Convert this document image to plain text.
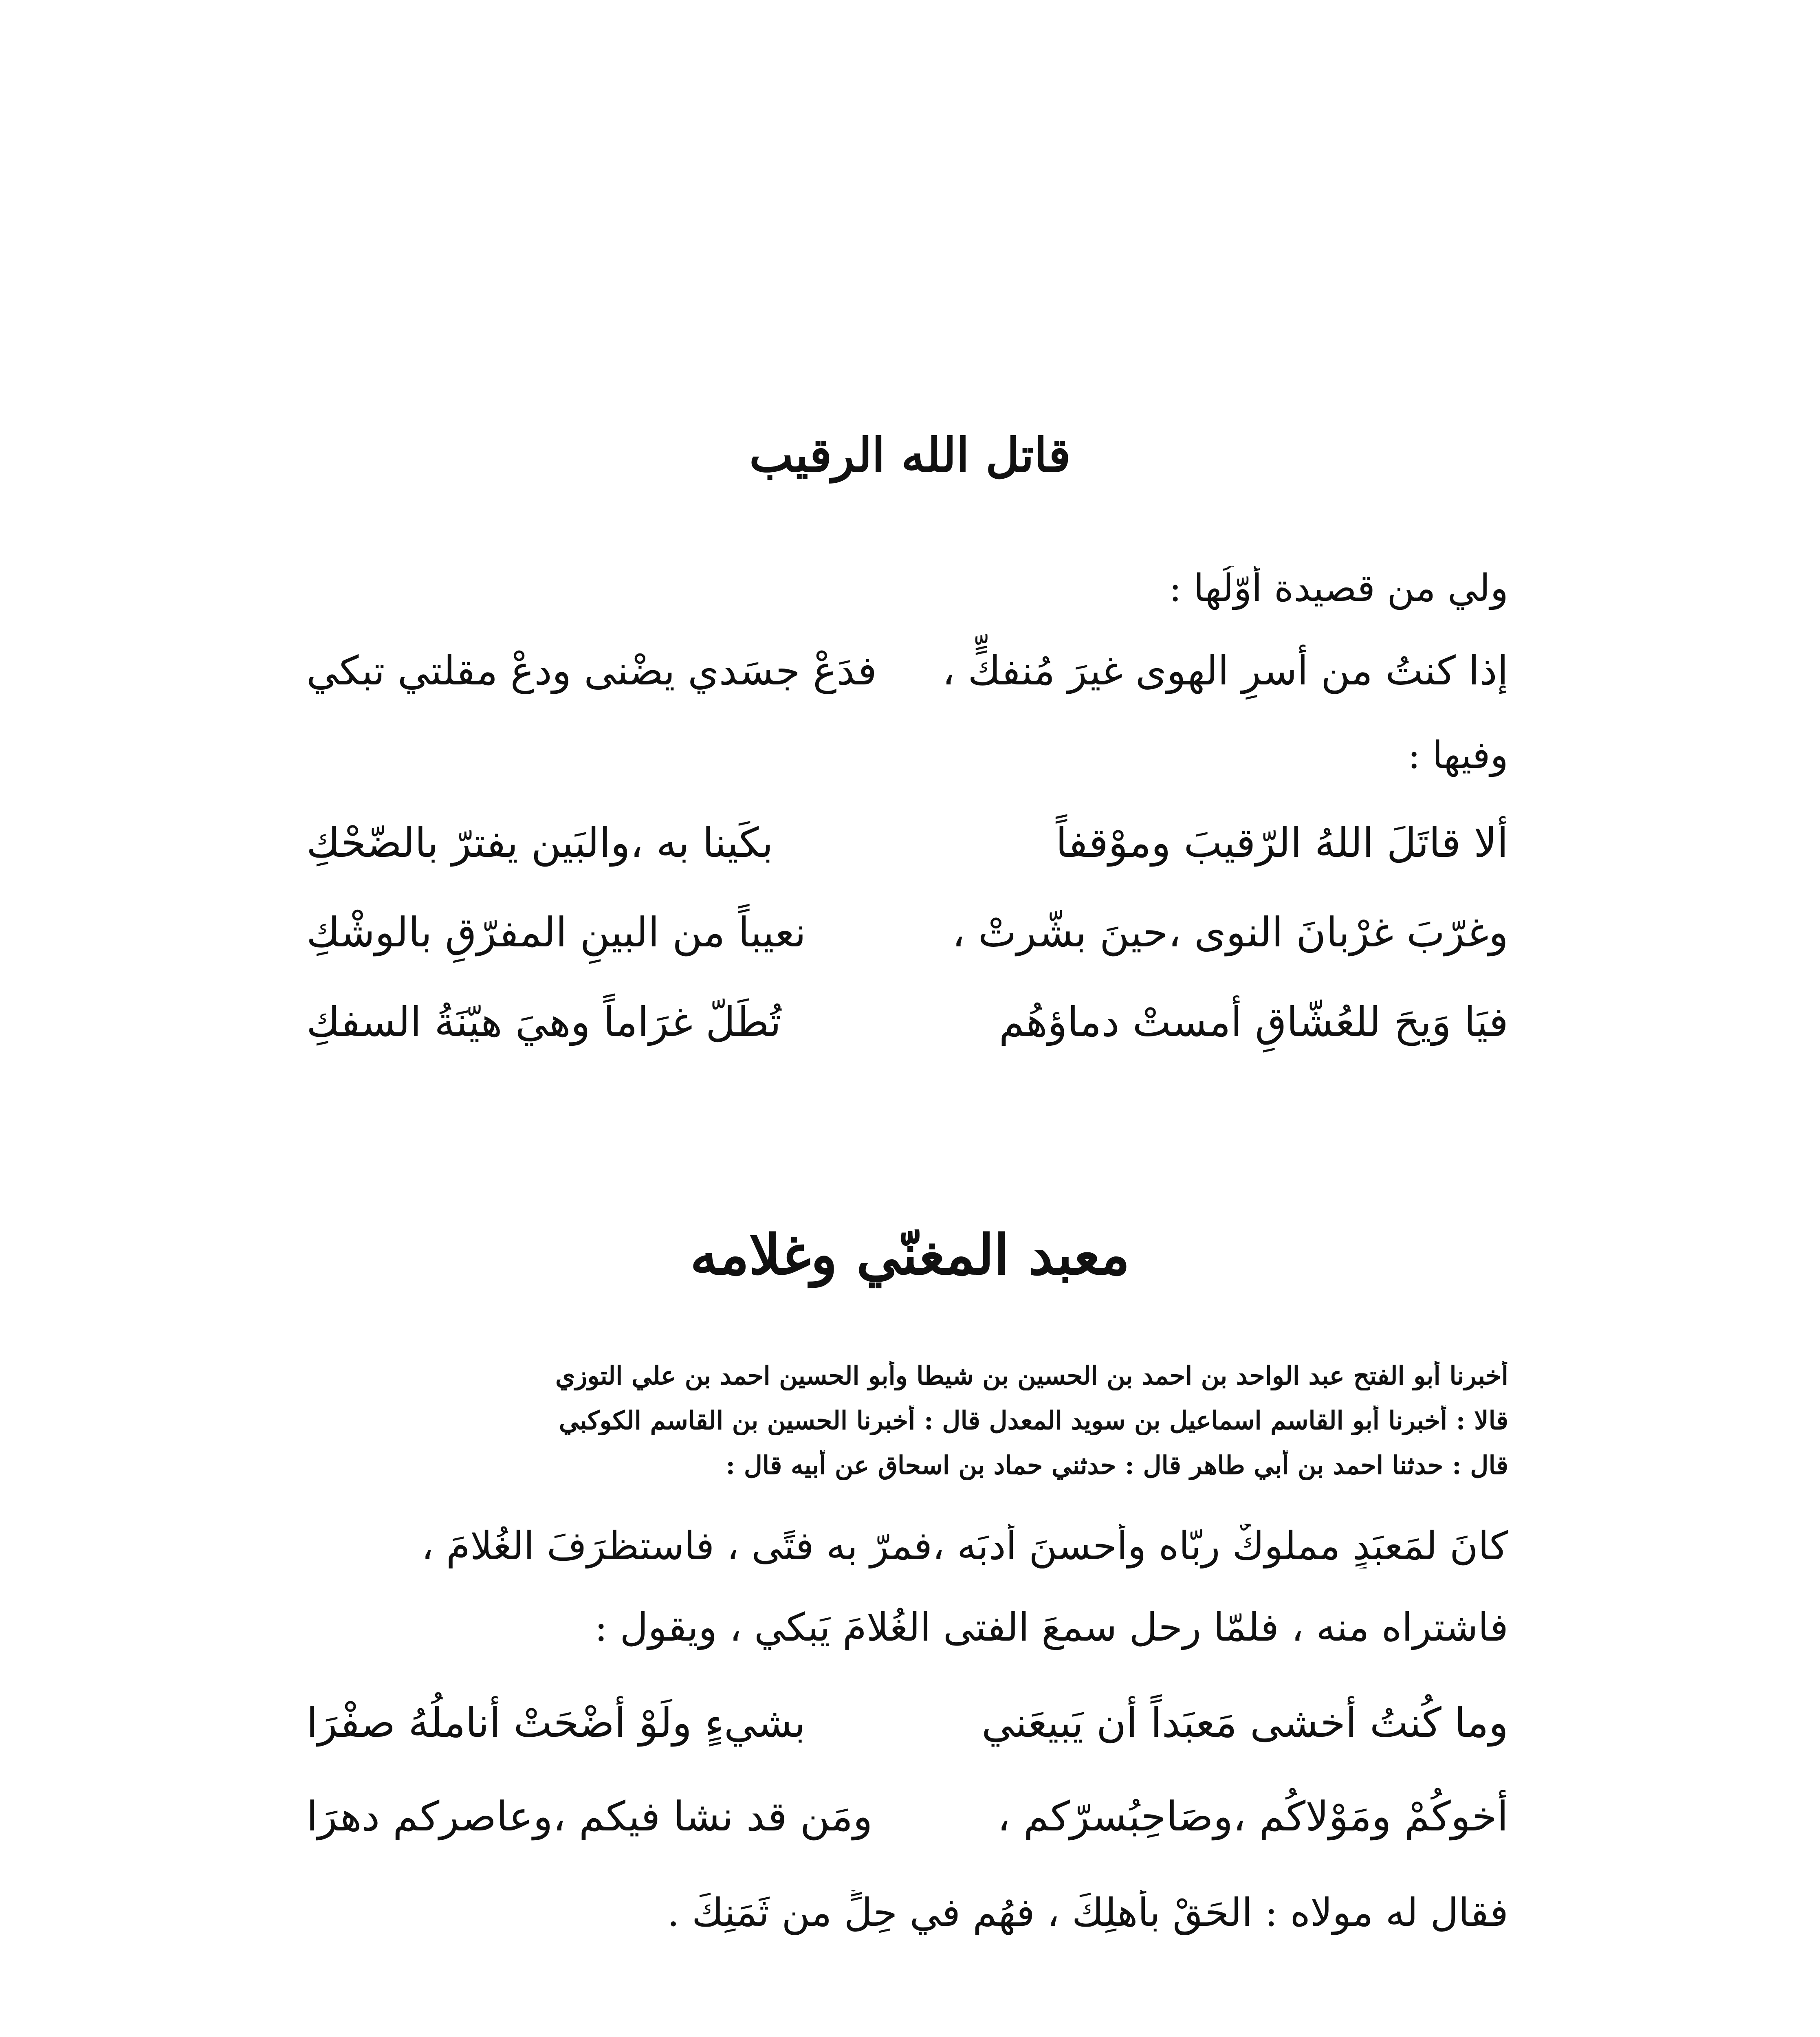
قاتل الله الرقيب
ولي من قصيدة أوّلُها :
إذا كنتُ من أسرِ الهوى غيرَ مُنفكٍّ ،
فدَعْ جسَدي يضْنى ودعْ مقلتي تبكي
وفيها :
ألا قاتَلَ اللهُ الرّقيبَ وموْقفاً
بكَينا به ،والبَين يفترّ بالضّحْكِ
وغرّبَ غرْبانَ النوى ،حينَ بشّرتْ ،
نعيباً من البينِ المفرّقِ بالوشْكِ
فيَا وَيحَ للعُشّاقِ أمستْ دماؤهُم
تُطَلّ غرَاماً وهيَ هيّنَةُ السفكِ
معبد المغنّي وغلامه
أخبرنا أبو الفتح عبد الواحد بن احمد بن الحسين بن شيطا وأبو الحسين احمد بن علي التوزي
قالا : أخبرنا أبو القاسم اسماعيل بن سويد المعدل قال : أخبرنا الحسين بن القاسم الكوكبي
قال : حدثنا احمد بن أبي طاهر قال : حدثني حماد بن اسحاق عن أبيه قال :
كانَ لمَعبَدٍ مملوكٌ ربّاه وأحسنَ أدبَه ،فمرّ به فتًى ، فاستظرَفَ الغُلامَ ،
فاشتراه منه ، فلمّا رحل سمعَ الفتى الغُلامَ يَبكي ، ويقول :
وما كُنتُ أخشى مَعبَداً أن يَبيعَني
بشيءٍ ولَوْ أضْحَتْ أناملُهُ صفْرَا
أخوكُمْ ومَوْلاكُم ،وصَاحِبُسرّكم ،
ومَن قد نشا فيكم ،وعاصركم دهرَا
فقال له مولاه : الحَقْ بأهلِكَ ، فهُم في حِلٍّ من ثَمَنِكَ .
